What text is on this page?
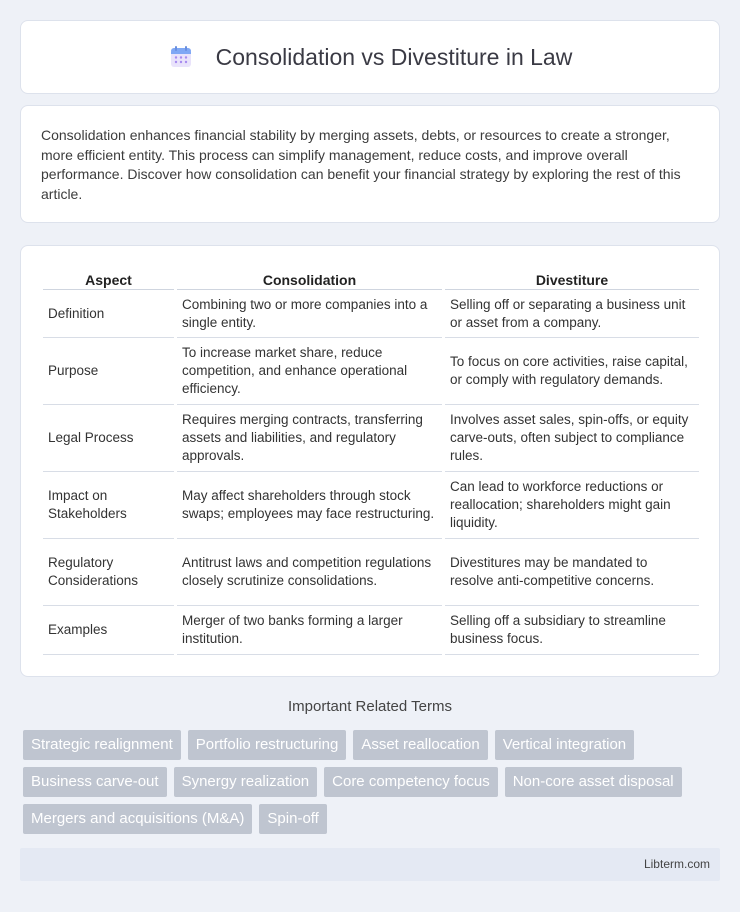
Consolidation vs Divestiture in Law

Consolidation enhances financial stability by merging assets, debts, or resources to create a stronger, more efficient entity. This process can simplify management, reduce costs, and improve overall performance. Discover how consolidation can benefit your financial strategy by exploring the rest of this article.

Aspect	Consolidation	Divestiture
Definition	Combining two or more companies into a single entity.	Selling off or separating a business unit or asset from a company.
Purpose	To increase market share, reduce competition, and enhance operational efficiency.	To focus on core activities, raise capital, or comply with regulatory demands.
Legal Process	Requires merging contracts, transferring assets and liabilities, and regulatory approvals.	Involves asset sales, spin-offs, or equity carve-outs, often subject to compliance rules.
Impact on Stakeholders	May affect shareholders through stock swaps; employees may face restructuring.	Can lead to workforce reductions or reallocation; shareholders might gain liquidity.
Regulatory Considerations	Antitrust laws and competition regulations closely scrutinize consolidations.	Divestitures may be mandated to resolve anti-competitive concerns.
Examples	Merger of two banks forming a larger institution.	Selling off a subsidiary to streamline business focus.
Important Related Terms
Strategic realignment	Portfolio restructuring	Asset reallocation	Vertical integration
Business carve-out	Synergy realization	Core competency focus	Non-core asset disposal
Mergers and acquisitions (M&A)	Spin-off
Libterm.com
